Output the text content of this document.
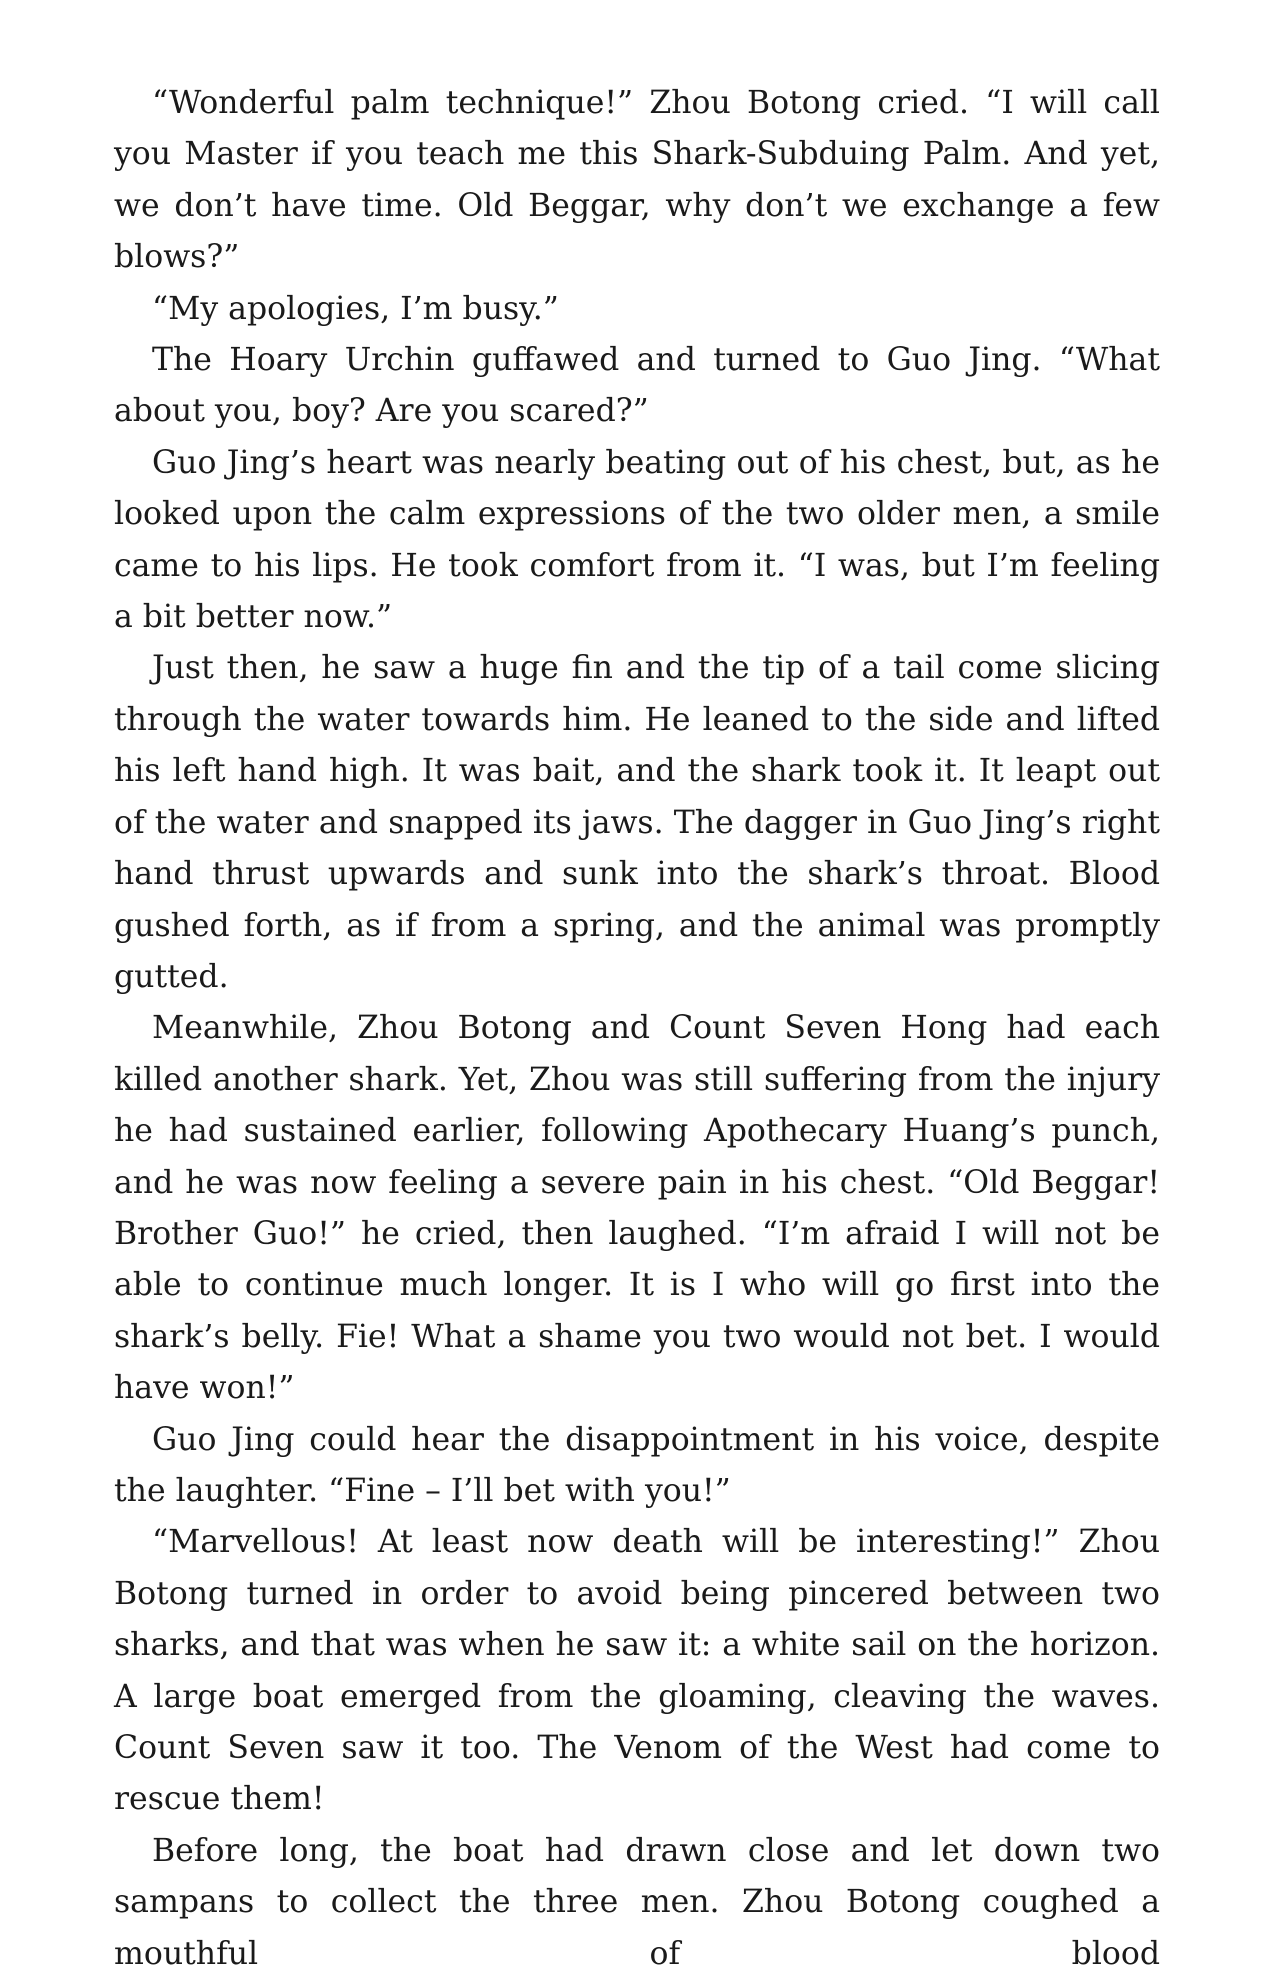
“Wonderful palm technique!” Zhou Botong cried. “I will call you Master if you teach me this Shark-Subduing Palm. And yet, we don’t have time. Old Beggar, why don’t we exchange a few blows?”

“My apologies, I’m busy.”

The Hoary Urchin guffawed and turned to Guo Jing. “What about you, boy? Are you scared?”

Guo Jing’s heart was nearly beating out of his chest, but, as he looked upon the calm expressions of the two older men, a smile came to his lips. He took comfort from it. “I was, but I’m feeling a bit better now.”

Just then, he saw a huge fin and the tip of a tail come slicing through the water towards him. He leaned to the side and lifted his left hand high. It was bait, and the shark took it. It leapt out of the water and snapped its jaws. The dagger in Guo Jing’s right hand thrust upwards and sunk into the shark’s throat. Blood gushed forth, as if from a spring, and the animal was promptly gutted.

Meanwhile, Zhou Botong and Count Seven Hong had each killed another shark. Yet, Zhou was still suffering from the injury he had sustained earlier, following Apothecary Huang’s punch, and he was now feeling a severe pain in his chest. “Old Beggar! Brother Guo!” he cried, then laughed. “I’m afraid I will not be able to continue much longer. It is I who will go first into the shark’s belly. Fie! What a shame you two would not bet. I would have won!”

Guo Jing could hear the disappointment in his voice, despite the laughter. “Fine – I’ll bet with you!”

“Marvellous! At least now death will be interesting!” Zhou Botong turned in order to avoid being pincered between two sharks, and that was when he saw it: a white sail on the horizon. A large boat emerged from the gloaming, cleaving the waves. Count Seven saw it too. The Venom of the West had come to rescue them!

Before long, the boat had drawn close and let down two sampans to collect the three men. Zhou Botong coughed a mouthful of blood
